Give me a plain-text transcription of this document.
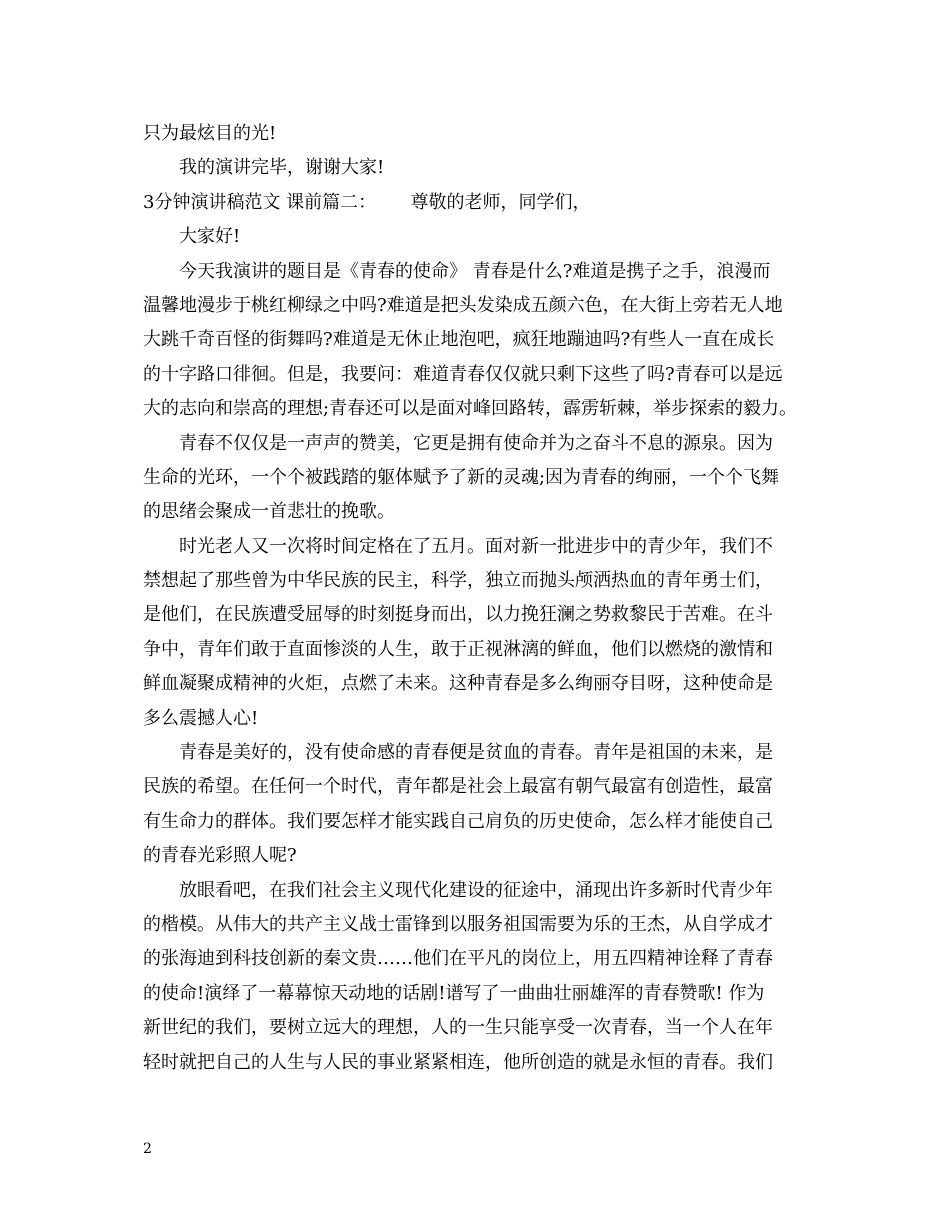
只为最炫目的光!
我的演讲完毕，谢谢大家!
3分钟演讲稿范文 课前篇二：      尊敬的老师，同学们，
大家好!
今天我演讲的题目是《青春的使命》 青春是什么?难道是携子之手，浪漫而
温馨地漫步于桃红柳绿之中吗?难道是把头发染成五颜六色，在大街上旁若无人地
大跳千奇百怪的街舞吗?难道是无休止地泡吧，疯狂地蹦迪吗?有些人一直在成长
的十字路口徘徊。但是，我要问：难道青春仅仅就只剩下这些了吗?青春可以是远
大的志向和崇高的理想;青春还可以是面对峰回路转，霹雳斩棘，举步探索的毅力。
青春不仅仅是一声声的赞美，它更是拥有使命并为之奋斗不息的源泉。因为
生命的光环，一个个被践踏的躯体赋予了新的灵魂;因为青春的绚丽，一个个飞舞
的思绪会聚成一首悲壮的挽歌。
时光老人又一次将时间定格在了五月。面对新一批进步中的青少年，我们不
禁想起了那些曾为中华民族的民主，科学，独立而抛头颅洒热血的青年勇士们，
是他们，在民族遭受屈辱的时刻挺身而出，以力挽狂澜之势救黎民于苦难。在斗
争中，青年们敢于直面惨淡的人生，敢于正视淋漓的鲜血，他们以燃烧的激情和
鲜血凝聚成精神的火炬，点燃了未来。这种青春是多么绚丽夺目呀，这种使命是
多么震撼人心!
青春是美好的，没有使命感的青春便是贫血的青春。青年是祖国的未来，是
民族的希望。在任何一个时代，青年都是社会上最富有朝气最富有创造性，最富
有生命力的群体。我们要怎样才能实践自己肩负的历史使命，怎么样才能使自己
的青春光彩照人呢?
放眼看吧，在我们社会主义现代化建设的征途中，涌现出许多新时代青少年
的楷模。从伟大的共产主义战士雷锋到以服务祖国需要为乐的王杰，从自学成才
的张海迪到科技创新的秦文贵……他们在平凡的岗位上，用五四精神诠释了青春
的使命!演绎了一幕幕惊天动地的话剧!谱写了一曲曲壮丽雄浑的青春赞歌! 作为
新世纪的我们，要树立远大的理想，人的一生只能享受一次青春，当一个人在年
轻时就把自己的人生与人民的事业紧紧相连，他所创造的就是永恒的青春。我们
2
